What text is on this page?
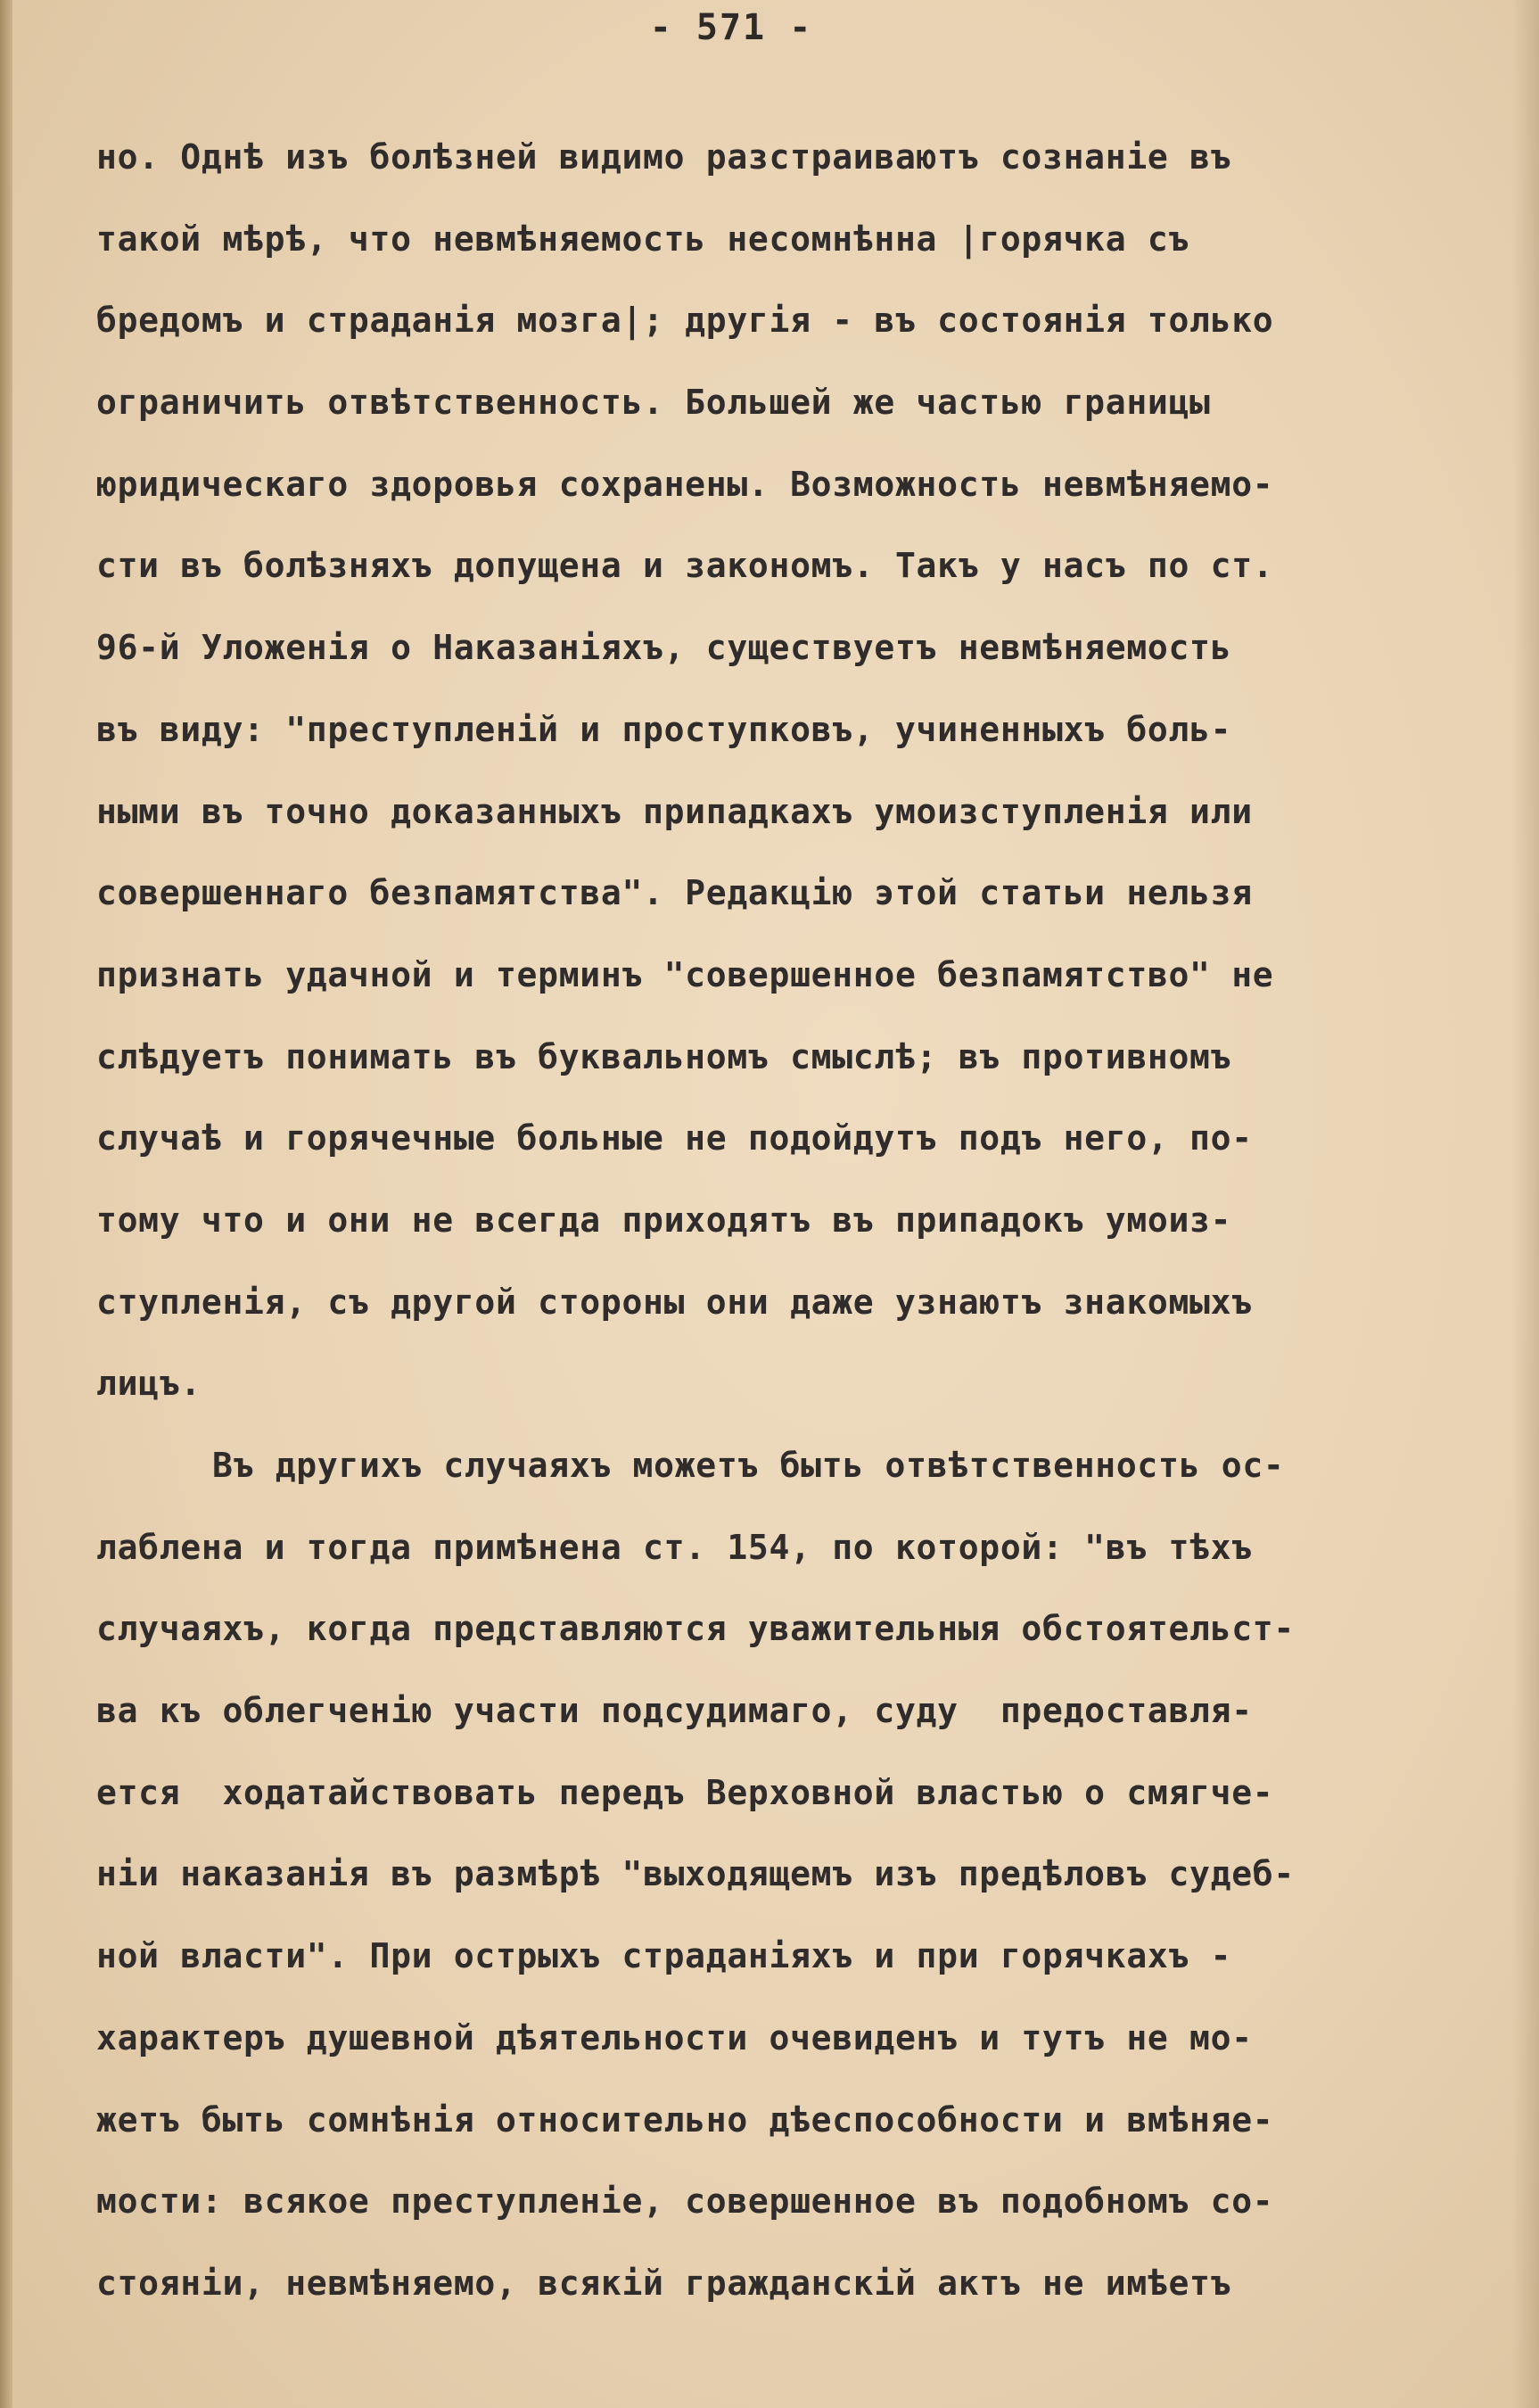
- 571 -
но. Однѣ изъ болѣзней видимо разстраиваютъ сознаніе въ
такой мѣрѣ, что невмѣняемость несомнѣнна |горячка съ
бредомъ и страданія мозга|; другія - въ состоянія только
ограничить отвѣтственность. Большей же частью границы
юридическаго здоровья сохранены. Возможность невмѣняемо-
сти въ болѣзняхъ допущена и закономъ. Такъ у насъ по ст.
96-й Уложенія о Наказаніяхъ, существуетъ невмѣняемость
въ виду: "преступленій и проступковъ, учиненныхъ боль-
ными въ точно доказанныхъ припадкахъ умоизступленія или
совершеннаго безпамятства". Редакцію этой статьи нельзя
признать удачной и терминъ "совершенное безпамятство" не
слѣдуетъ понимать въ буквальномъ смыслѣ; въ противномъ
случаѣ и горячечные больные не подойдутъ подъ него, по-
тому что и они не всегда приходятъ въ припадокъ умоиз-
ступленія, съ другой стороны они даже узнаютъ знакомыхъ
лицъ.
Въ другихъ случаяхъ можетъ быть отвѣтственность ос-
лаблена и тогда примѣнена ст. 154, по которой: "въ тѣхъ
случаяхъ, когда представляются уважительныя обстоятельст-
ва къ облегченію участи подсудимаго, суду  предоставля-
ется  ходатайствовать передъ Верховной властью о смягче-
ніи наказанія въ размѣрѣ "выходящемъ изъ предѣловъ судеб-
ной власти". При острыхъ страданіяхъ и при горячкахъ -
характеръ душевной дѣятельности очевиденъ и тутъ не мо-
жетъ быть сомнѣнія относительно дѣеспособности и вмѣняе-
мости: всякое преступленіе, совершенное въ подобномъ со-
стояніи, невмѣняемо, всякій гражданскій актъ не имѣетъ
